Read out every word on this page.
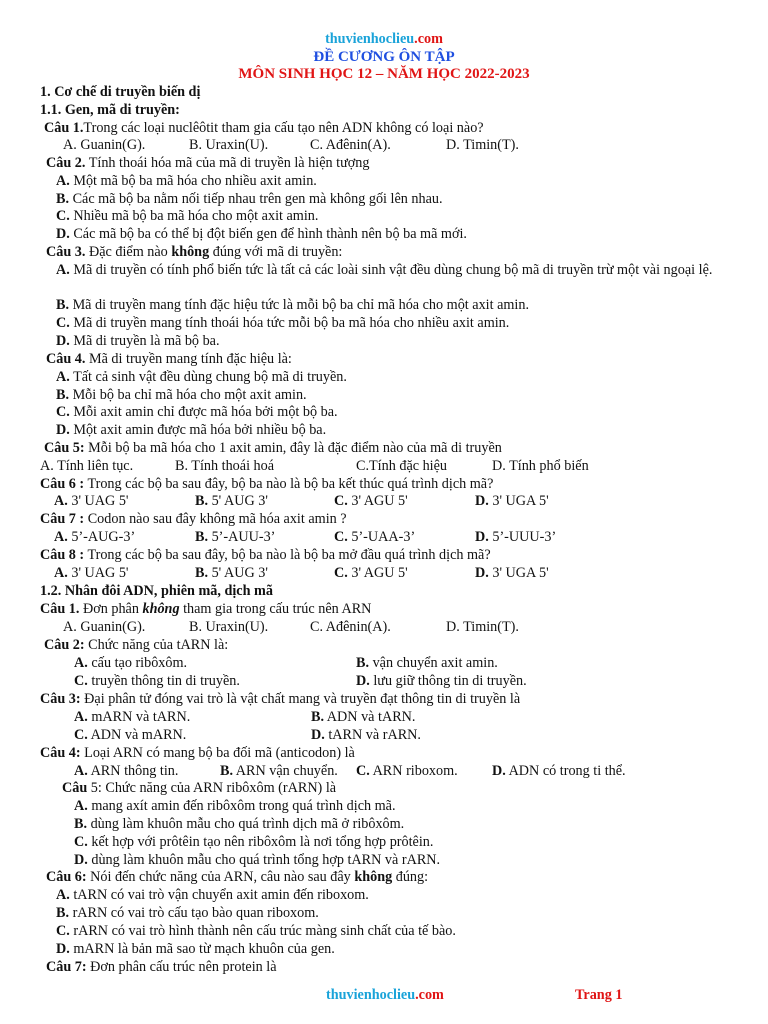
thuvienhoclieu.com
ĐỀ CƯƠNG ÔN TẬP
MÔN SINH HỌC 12 – NĂM HỌC 2022-2023
1. Cơ chế di truyền biến dị
1.1. Gen, mã di truyền:
Câu 1.Trong các loại nuclêôtit tham gia cấu tạo nên ADN không có loại nào?
A. Guanin(G).	B. Uraxin(U).	C. Ađênin(A).	D. Timin(T).
Câu 2. Tính thoái hóa mã của mã di truyền là hiện tượng
A. Một mã bộ ba mã hóa cho nhiều axit amin.
B. Các mã bộ ba nằm nối tiếp nhau trên gen mà không gối lên nhau.
C. Nhiều mã bộ ba mã hóa cho một axit amin.
D. Các mã bộ ba có thể bị đột biến gen để hình thành nên bộ ba mã mới.
Câu 3. Đặc điểm nào không đúng với mã di truyền:
A. Mã di truyền có tính phổ biến tức là tất cả các loài sinh vật đều dùng chung bộ mã di truyền trừ một vài ngoại lệ.
B. Mã di truyền mang tính đặc hiệu tức là mỗi bộ ba chỉ mã hóa cho một axit amin.
C. Mã di truyền mang tính thoái hóa tức mỗi bộ ba mã hóa cho nhiều axit amin.
D. Mã di truyền là mã bộ ba.
Câu 4. Mã di truyền mang tính đặc hiệu là:
A. Tất cả sinh vật đều dùng chung bộ mã di truyền.
B. Mỗi bộ ba chỉ mã hóa cho một axit amin.
C. Mỗi axit amin chỉ được mã hóa bởi một bộ ba.
D. Một axit amin được mã hóa bởi nhiều bộ ba.
Câu 5: Mỗi bộ ba mã hóa cho 1 axit amin, đây là đặc điểm nào của mã di truyền
A. Tính liên tục.	B. Tính thoái hoá	C.Tính đặc hiệu	D. Tính phổ biến
Câu 6 : Trong các bộ ba sau đây, bộ ba nào là bộ ba kết thúc quá trình dịch mã?
A. 3' UAG 5'	B. 5' AUG 3'	C. 3' AGU 5'	D. 3' UGA 5'
Câu 7 : Codon nào sau đây không mã hóa axit amin ?
A. 5’-AUG-3’	B. 5’-AUU-3’	C. 5’-UAA-3’	D. 5’-UUU-3’
Câu 8 : Trong các bộ ba sau đây, bộ ba nào là bộ ba mở đầu quá trình dịch mã?
A. 3' UAG 5'	B. 5' AUG 3'	C. 3' AGU 5'	D. 3' UGA 5'
1.2. Nhân đôi ADN, phiên mã, dịch mã
Câu 1. Đơn phân không tham gia trong cấu trúc nên ARN
A. Guanin(G).	B. Uraxin(U).	C. Ađênin(A).	D. Timin(T).
Câu 2: Chức năng của tARN là:
A. cấu tạo ribôxôm.	B. vận chuyển axit amin.
C. truyền thông tin di truyền.	D. lưu giữ thông tin di truyền.
Câu 3: Đại phân tử đóng vai trò là vật chất mang và truyền đạt thông tin di truyền là
A. mARN và tARN.	B. ADN và tARN.
C. ADN và mARN.	D. tARN và rARN.
Câu 4: Loại ARN có mang bộ ba đối mã (anticodon) là
A. ARN thông tin.	B. ARN vận chuyển. C. ARN riboxom. D. ADN có trong ti thể.
Câu 5: Chức năng của ARN ribôxôm (rARN) là
A. mang axít amin đến ribôxôm trong quá trình dịch mã.
B. dùng làm khuôn mẫu cho quá trình dịch mã ở ribôxôm.
C. kết hợp với prôtêin tạo nên ribôxôm là nơi tổng hợp prôtêin.
D. dùng làm khuôn mẫu cho quá trình tổng hợp tARN và rARN.
Câu 6: Nói đến chức năng của ARN, câu nào sau đây không đúng:
A. tARN có vai trò vận chuyển axit amin đến riboxom.
B. rARN có vai trò cấu tạo bào quan riboxom.
C. rARN có vai trò hình thành nên cấu trúc màng sinh chất của tế bào.
D. mARN là bản mã sao từ mạch khuôn của gen.
Câu 7: Đơn phân cấu trúc nên protein là
thuvienhoclieu.com	Trang 1
